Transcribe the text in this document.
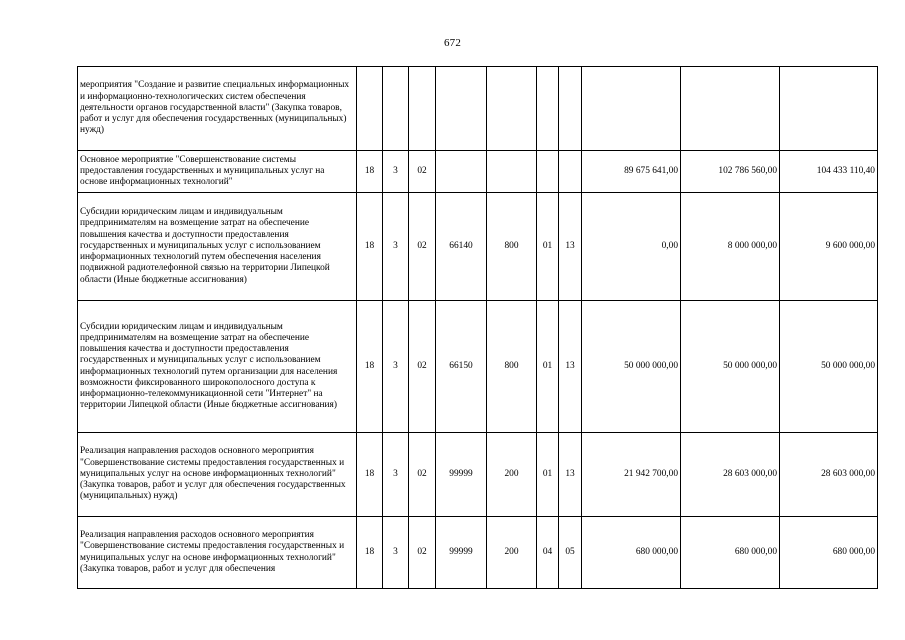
672
мероприятия "Создание и развитие специальных информационных и информационно-технологических систем обеспечения деятельности органов государственной власти" (Закупка товаров, работ и услуг для обеспечения государственных (муниципальных) нужд)										
Основное мероприятие "Совершенствование системы предоставления государственных и муниципальных услуг на основе информационных технологий"	18	3	02					89 675 641,00	102 786 560,00	104 433 110,40
Субсидии юридическим лицам и индивидуальным предпринимателям на возмещение затрат на обеспечение повышения качества и доступности предоставления государственных и муниципальных услуг с использованием информационных технологий путем обеспечения населения подвижной радиотелефонной связью на территории Липецкой области (Иные бюджетные ассигнования)	18	3	02	66140	800	01	13	0,00	8 000 000,00	9 600 000,00
Субсидии юридическим лицам и индивидуальным предпринимателям на возмещение затрат на обеспечение повышения качества и доступности предоставления государственных и муниципальных услуг с использованием информационных технологий путем организации для населения возможности фиксированного широкополосного доступа к информационно-телекоммуникационной сети "Интернет" на территории Липецкой области (Иные бюджетные ассигнования)	18	3	02	66150	800	01	13	50 000 000,00	50 000 000,00	50 000 000,00
Реализация направления расходов основного мероприятия "Совершенствование системы предоставления государственных и муниципальных услуг на основе информационных технологий" (Закупка товаров, работ и услуг для обеспечения государственных (муниципальных) нужд)	18	3	02	99999	200	01	13	21 942 700,00	28 603 000,00	28 603 000,00
Реализация направления расходов основного мероприятия "Совершенствование системы предоставления государственных и муниципальных услуг на основе информационных технологий" (Закупка товаров, работ и услуг для обеспечения	18	3	02	99999	200	04	05	680 000,00	680 000,00	680 000,00
